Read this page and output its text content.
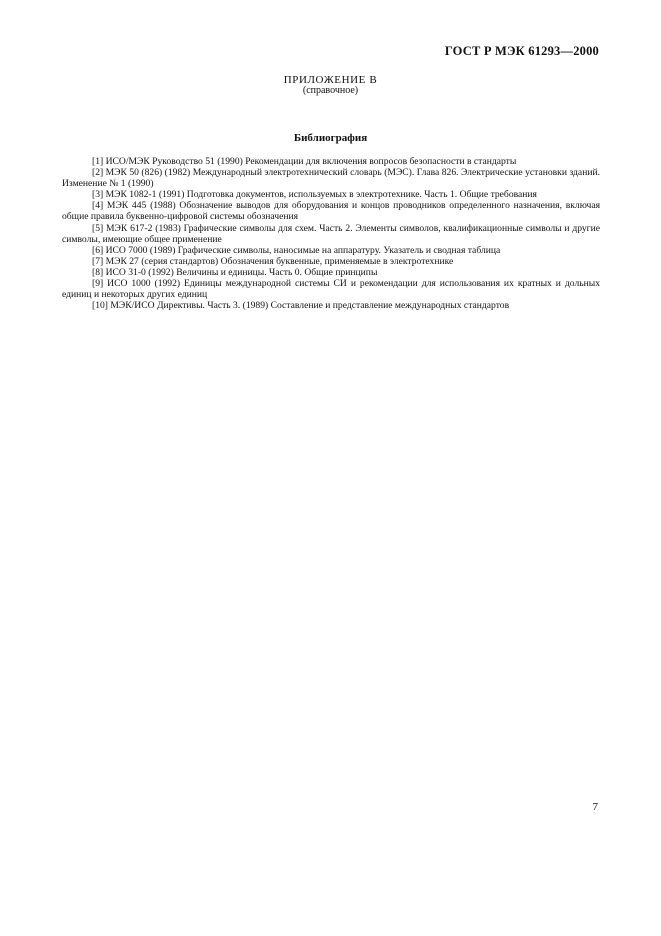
ГОСТ Р МЭК 61293—2000
ПРИЛОЖЕНИЕ В
(справочное)
Библиография

[1] ИСО/МЭК Руководство 51 (1990) Рекомендации для включения вопросов безопасности в стандарты

[2] МЭК 50 (826) (1982) Международный электротехнический словарь (МЭС). Глава 826. Электрические установки зданий. Изменение № 1 (1990)

[3] МЭК 1082-1 (1991) Подготовка документов, используемых в электротехнике. Часть 1. Общие требования

[4] МЭК 445 (1988) Обозначение выводов для оборудования и концов проводников определенного назначения, включая общие правила буквенно-цифровой системы обозначения

[5] МЭК 617-2 (1983) Графические символы для схем. Часть 2. Элементы символов, квалификационные символы и другие символы, имеющие общее применение

[6] ИСО 7000 (1989) Графические символы, наносимые на аппаратуру. Указатель и сводная таблица

[7] МЭК 27 (серия стандартов) Обозначения буквенные, применяемые в электротехнике

[8] ИСО 31-0 (1992) Величины и единицы. Часть 0. Общие принципы

[9] ИСО 1000 (1992) Единицы международной системы СИ и рекомендации для использования их кратных и дольных единиц и некоторых других единиц

[10] МЭК/ИСО Директивы. Часть 3. (1989) Составление и представление международных стандартов

7
